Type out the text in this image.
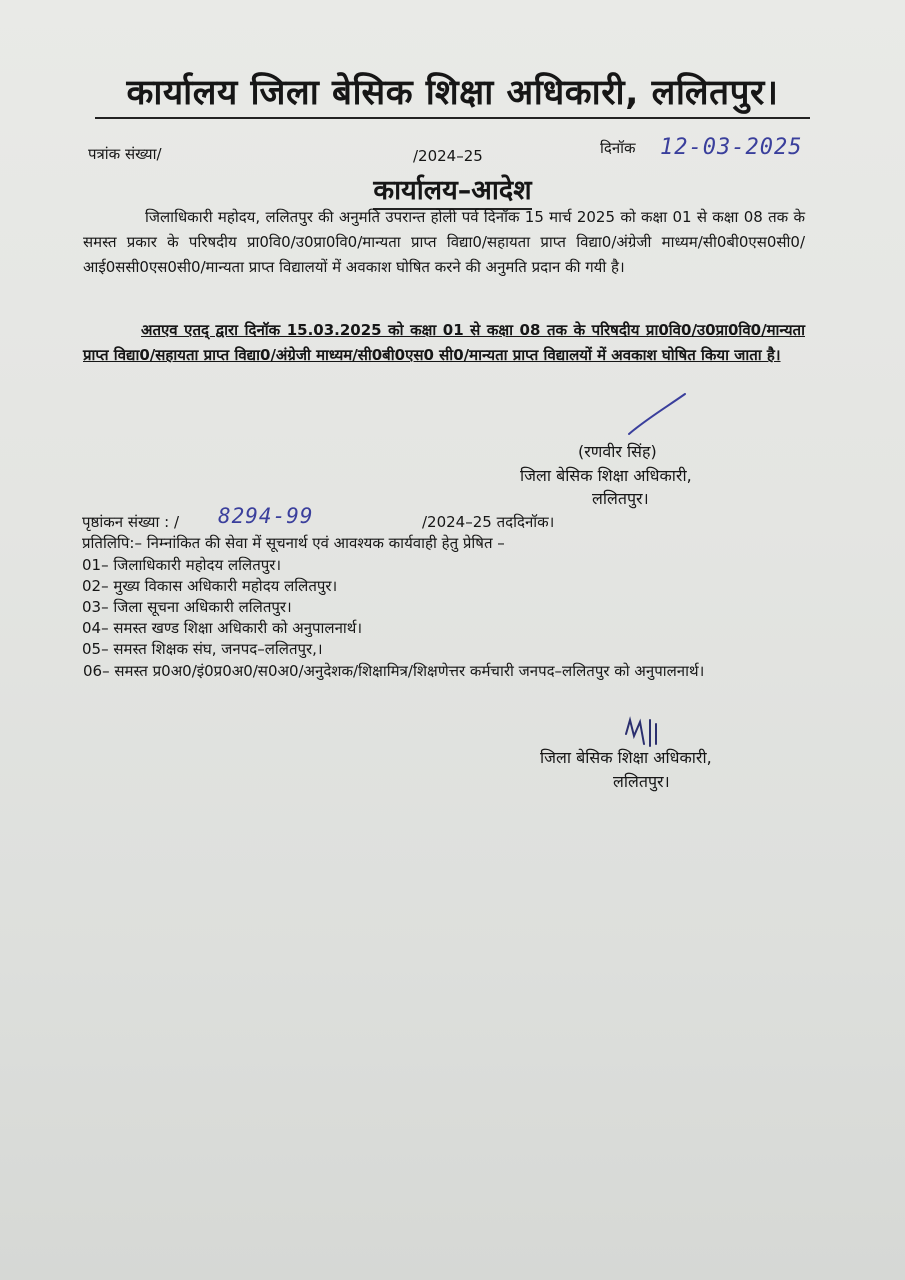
कार्यालय जिला बेसिक शिक्षा अधिकारी, ललितपुर।
पत्रांक संख्या/	/2024–25	दिनॉक 12-03-2025
कार्यालय–आदेश
जिलाधिकारी महोदय, ललितपुर की अनुमति उपरान्त होली पर्व दिनॉक 15 मार्च 2025 को कक्षा 01 से कक्षा 08 तक के समस्त प्रकार के परिषदीय प्रा0वि0/उ0प्रा0वि0/मान्यता प्राप्त विद्या0/सहायता प्राप्त विद्या0/अंग्रेजी माध्यम/सी0बी0एस0सी0/आई0ससी0एस0सी0/मान्यता प्राप्त विद्यालयों में अवकाश घोषित करने की अनुमति प्रदान की गयी है।
अतएव एतद् द्वारा दिनॉक 15.03.2025 को कक्षा 01 से कक्षा 08 तक के परिषदीय प्रा0वि0/उ0प्रा0वि0/मान्यता प्राप्त विद्या0/सहायता प्राप्त विद्या0/अंग्रेजी माध्यम/सी0बी0एस0 सी0/मान्यता प्राप्त विद्यालयों में अवकाश घोषित किया जाता है।
(रणवीर सिंह)
जिला बेसिक शिक्षा अधिकारी,
ललितपुर।
पृष्ठांकन संख्या : / 8294-99	/2024–25 तददिनॉक।
प्रतिलिपि:– निम्नांकित की सेवा में सूचनार्थ एवं आवश्यक कार्यवाही हेतु प्रेषित –
01– जिलाधिकारी महोदय ललितपुर।
02– मुख्य विकास अधिकारी महोदय ललितपुर।
03– जिला सूचना अधिकारी ललितपुर।
04– समस्त खण्ड शिक्षा अधिकारी को अनुपालनार्थ।
05– समस्त शिक्षक संघ, जनपद–ललितपुर,।
06– समस्त प्र0अ0/इं0प्र0अ0/स0अ0/अनुदेशक/शिक्षामित्र/शिक्षणेत्तर कर्मचारी जनपद–ललितपुर को अनुपालनार्थ।
जिला बेसिक शिक्षा अधिकारी,
ललितपुर।
